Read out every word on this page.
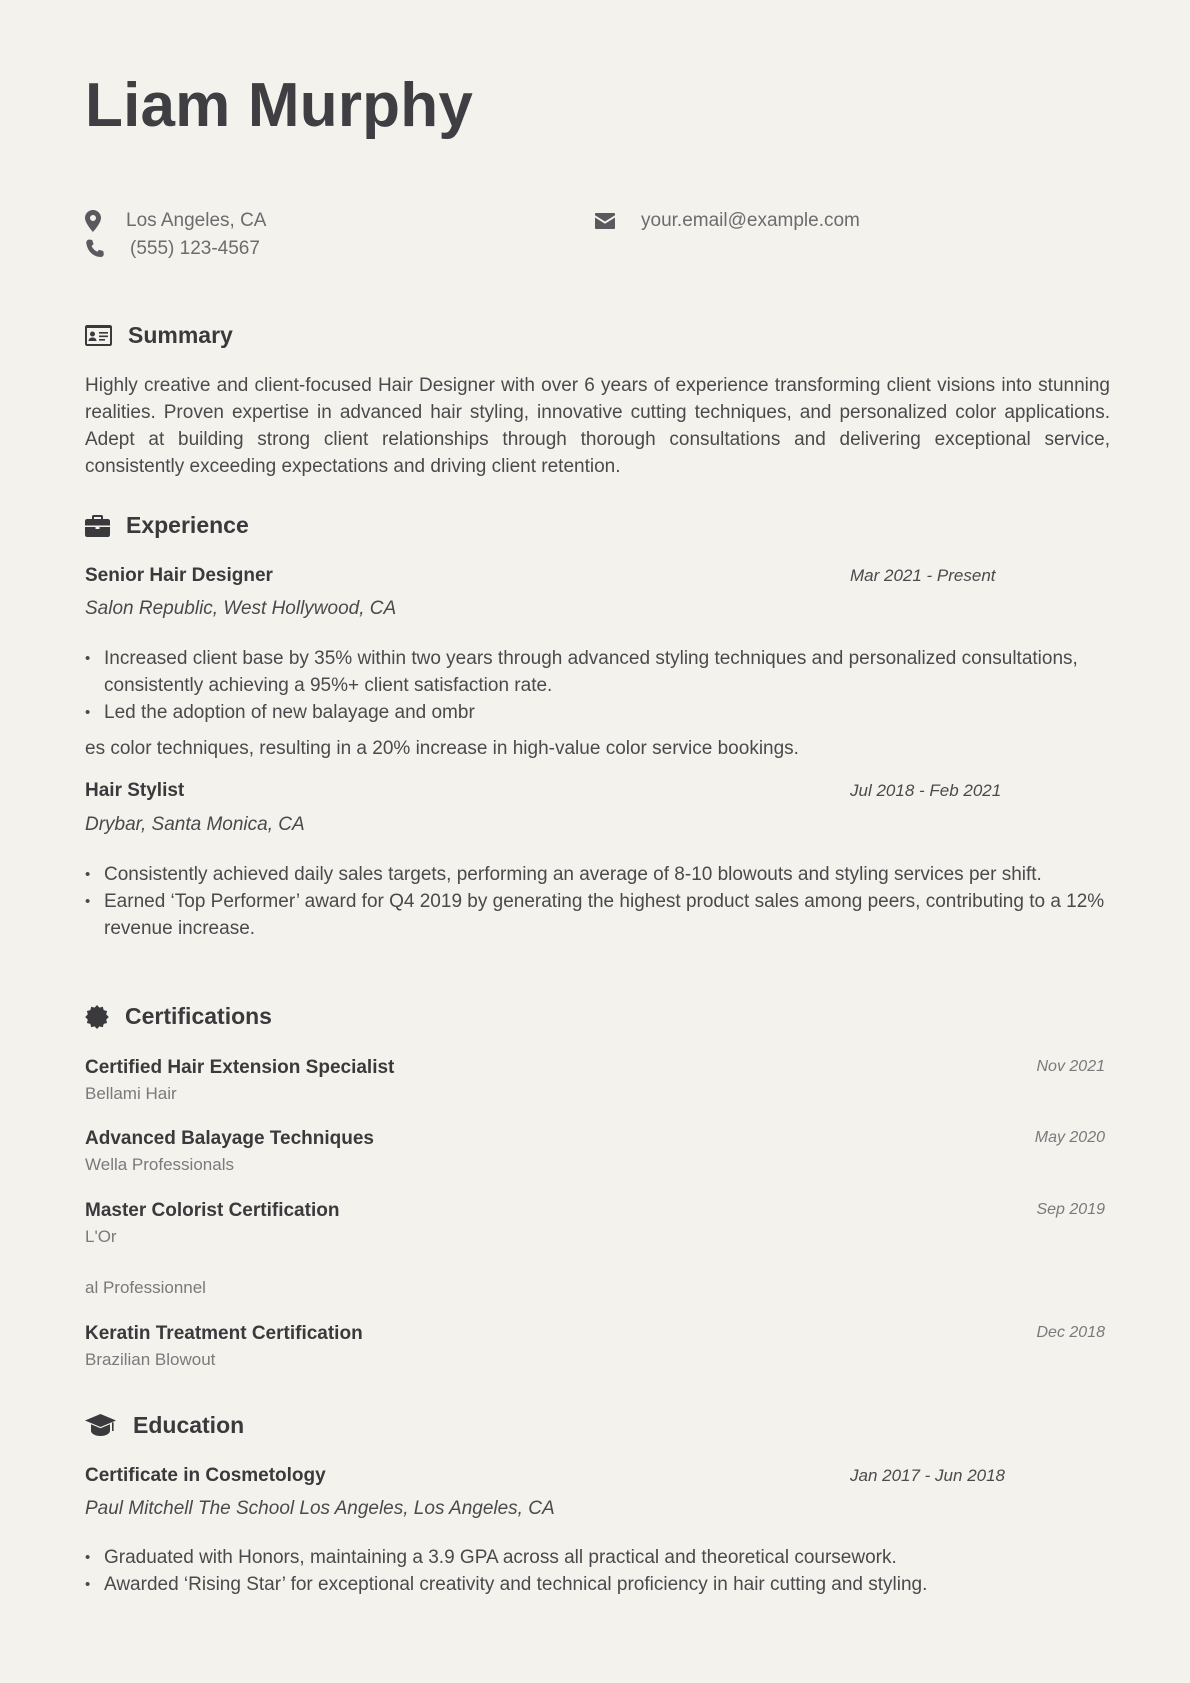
Liam Murphy
Los Angeles, CA
(555) 123-4567
your.email@example.com
Summary

Highly creative and client-focused Hair Designer with over 6 years of experience transforming client visions into stunning realities. Proven expertise in advanced hair styling, innovative cutting techniques, and personalized color applications. Adept at building strong client relationships through thorough consultations and delivering exceptional service, consistently exceeding expectations and driving client retention.

Experience
Senior Hair Designer	Mar 2021 - Present
Salon Republic, West Hollywood, CA
• Increased client base by 35% within two years through advanced styling techniques and personalized consultations, consistently achieving a 95%+ client satisfaction rate.
• Led the adoption of new balayage and ombr
es color techniques, resulting in a 20% increase in high-value color service bookings.
Hair Stylist	Jul 2018 - Feb 2021
Drybar, Santa Monica, CA
• Consistently achieved daily sales targets, performing an average of 8-10 blowouts and styling services per shift.
• Earned ‘Top Performer’ award for Q4 2019 by generating the highest product sales among peers, contributing to a 12% revenue increase.
Certifications
Certified Hair Extension Specialist	Nov 2021
Bellami Hair
Advanced Balayage Techniques	May 2020
Wella Professionals
Master Colorist Certification	Sep 2019
L'Or
al Professionnel
Keratin Treatment Certification	Dec 2018
Brazilian Blowout
Education
Certificate in Cosmetology	Jan 2017 - Jun 2018
Paul Mitchell The School Los Angeles, Los Angeles, CA
• Graduated with Honors, maintaining a 3.9 GPA across all practical and theoretical coursework.
• Awarded ‘Rising Star’ for exceptional creativity and technical proficiency in hair cutting and styling.
